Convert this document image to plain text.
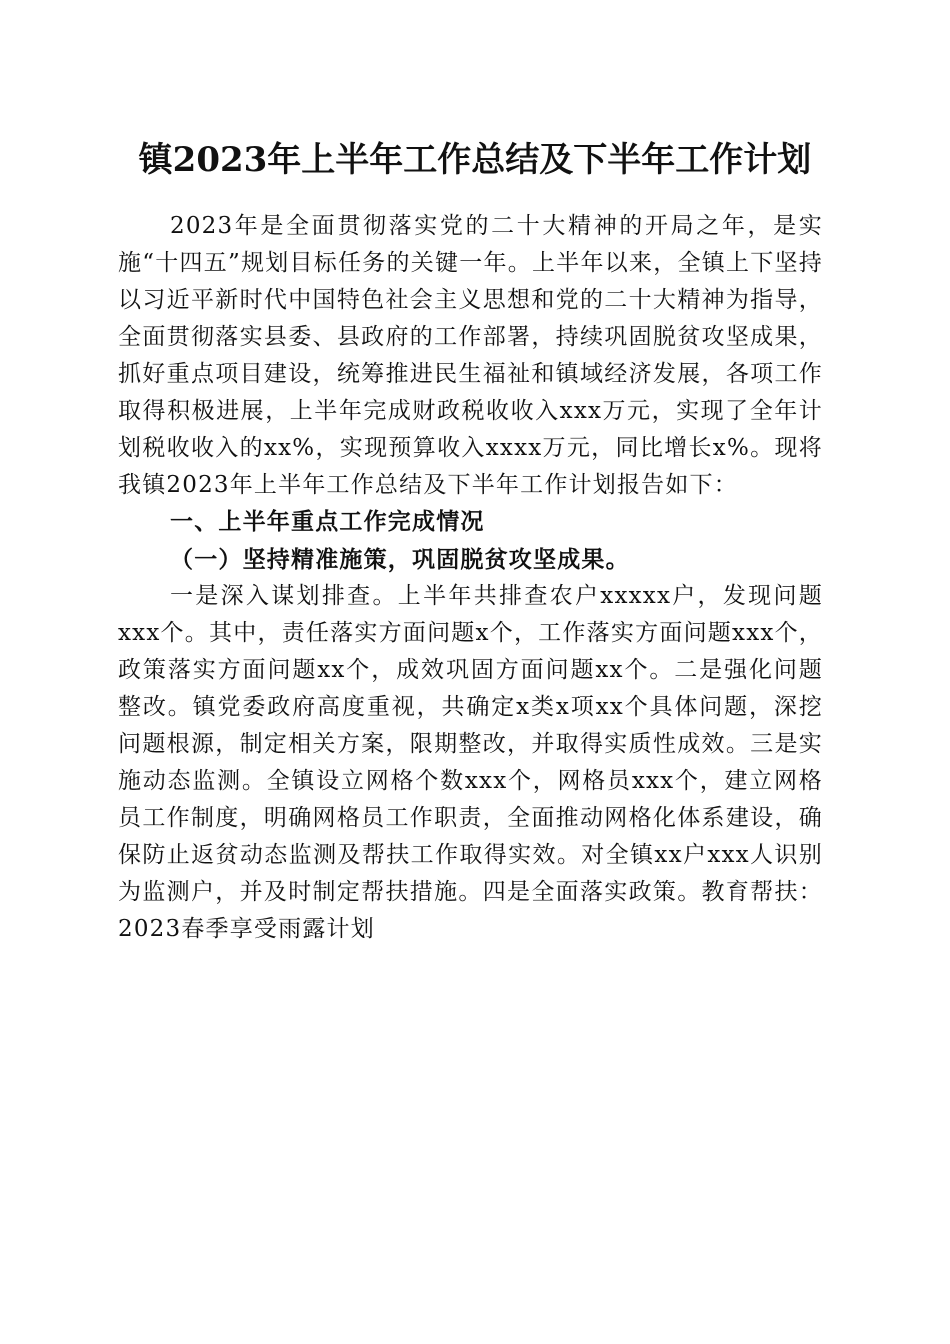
镇2023年上半年工作总结及下半年工作计划

2023年是全面贯彻落实党的二十大精神的开局之年，是实施“十四五”规划目标任务的关键一年。上半年以来，全镇上下坚持以习近平新时代中国特色社会主义思想和党的二十大精神为指导，全面贯彻落实县委、县政府的工作部署，持续巩固脱贫攻坚成果，抓好重点项目建设，统筹推进民生福祉和镇域经济发展，各项工作取得积极进展，上半年完成财政税收收入xxx万元，实现了全年计划税收收入的xx%，实现预算收入xxxx万元，同比增长x%。现将我镇2023年上半年工作总结及下半年工作计划报告如下：

一、上半年重点工作完成情况

（一）坚持精准施策，巩固脱贫攻坚成果。

一是深入谋划排查。上半年共排查农户xxxxx户，发现问题xxx个。其中，责任落实方面问题x个，工作落实方面问题xxx个，政策落实方面问题xx个，成效巩固方面问题xx个。二是强化问题整改。镇党委政府高度重视，共确定x类x项xx个具体问题，深挖问题根源，制定相关方案，限期整改，并取得实质性成效。三是实施动态监测。全镇设立网格个数xxx个，网格员xxx个，建立网格员工作制度，明确网格员工作职责，全面推动网格化体系建设，确保防止返贫动态监测及帮扶工作取得实效。对全镇xx户xxx人识别为监测户，并及时制定帮扶措施。四是全面落实政策。教育帮扶：2023春季享受雨露计划
